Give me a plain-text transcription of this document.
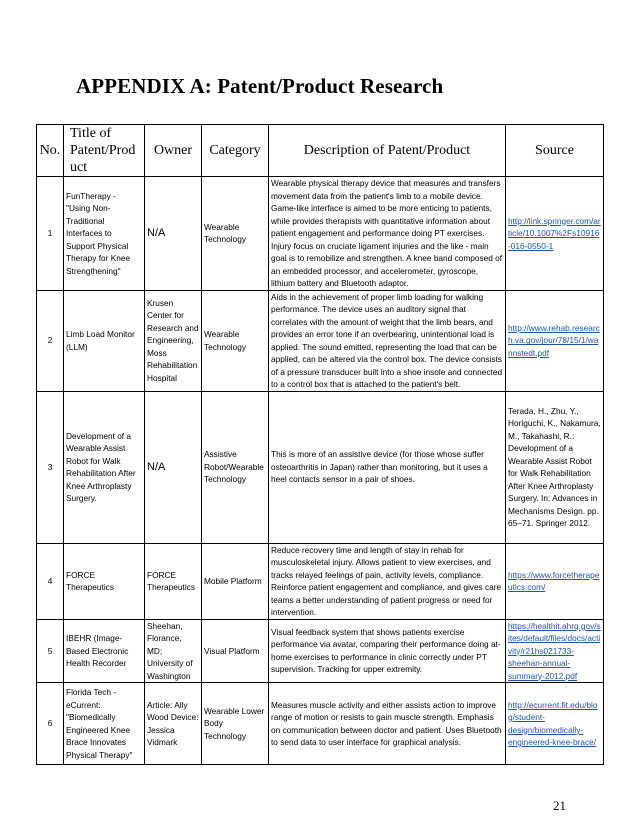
APPENDIX A: Patent/Product Research
No.	Title of Patent/Product	Owner	Category	Description of Patent/Product	Source
1	FunTherapy - "Using Non-Traditional Interfaces to Support Physical Therapy for Knee Strengthening"	N/A	Wearable Technology	Wearable physical therapy device that measures and transfers movement data from the patient's limb to a mobile device. Game-like interface is aimed to be more enticing to patients, while provides therapists with quantitative information about patient engagement and performance doing PT exercises. Injury focus on cruciate ligament injuries and the like - main goal is to remobilize and strengthen. A knee band composed of an embedded processor, and accelerometer, gyroscope, lithium battery and Bluetooth adaptor.	http://link.springer.com/article/10.1007%2Fs10916-016-0550-1
2	Limb Load Monitor (LLM)	Krusen Center for Research and Engineering, Moss Rehabilitation Hospital	Wearable Technology	Aids in the achievement of proper limb loading for walking performance. The device uses an auditory signal that correlates with the amount of weight that the limb bears, and provides an error tone if an overbearing, unintentional load is applied. The sound emitted, representing the load that can be applied, can be altered via the control box. The device consists of a pressure transducer built into a shoe insole and connected to a control box that is attached to the patient's belt.	http://www.rehab.research.va.gov/jour/78/15/1/wannstedt.pdf
3	Development of a Wearable Assist Robot for Walk Rehabilitation After Knee Arthroplasty Surgery.	N/A	Assistive Robot/Wearable Technology	This is more of an assistive device (for those whose suffer osteoarthritis in Japan) rather than monitoring, but it uses a heel contacts sensor in a pair of shoes.	Terada, H., Zhu, Y., Horiguchi, K., Nakamura, M., Takahashi, R.: Development of a Wearable Assist Robot for Walk Rehabilitation After Knee Arthroplasty Surgery. In: Advances in Mechanisms Design. pp. 65–71. Springer 2012.
4	FORCE Therapeutics	FORCE Therapeutics	Mobile Platform	Reduce recovery time and length of stay in rehab for musculoskeletal injury. Allows patient to view exercises, and tracks relayed feelings of pain, activity levels, compliance. Reinforce patient engagement and compliance, and gives care teams a better understanding of patient progress or need for intervention.	https://www.forcetherapeutics.com/
5	IBEHR (Image-Based Electronic Health Recorder	Sheehan, Florance, MD; University of Washington	Visual Platform	Visual feedback system that shows patients exercise performance via avatar, comparing their performance doing at-home exercises to performance in clinic correctly under PT supervision. Tracking for upper extremity.	https://healthit.ahrq.gov/sites/default/files/docs/activity/r21hs021733-sheehan-annual-summary-2012.pdf
6	Florida Tech - eCurrent: "Biomedically Engineered Knee Brace Innovates Physical Therapy"	Article: Ally Wood Device: Jessica Vidmark	Wearable Lower Body Technology	Measures muscle activity and either assists action to improve range of motion or resists to gain muscle strength. Emphasis on communication between doctor and patient. Uses Bluetooth to send data to user interface for graphical analysis.	http://ecurrent.fit.edu/blog/student-design/biomedically-engineered-knee-brace/
21
